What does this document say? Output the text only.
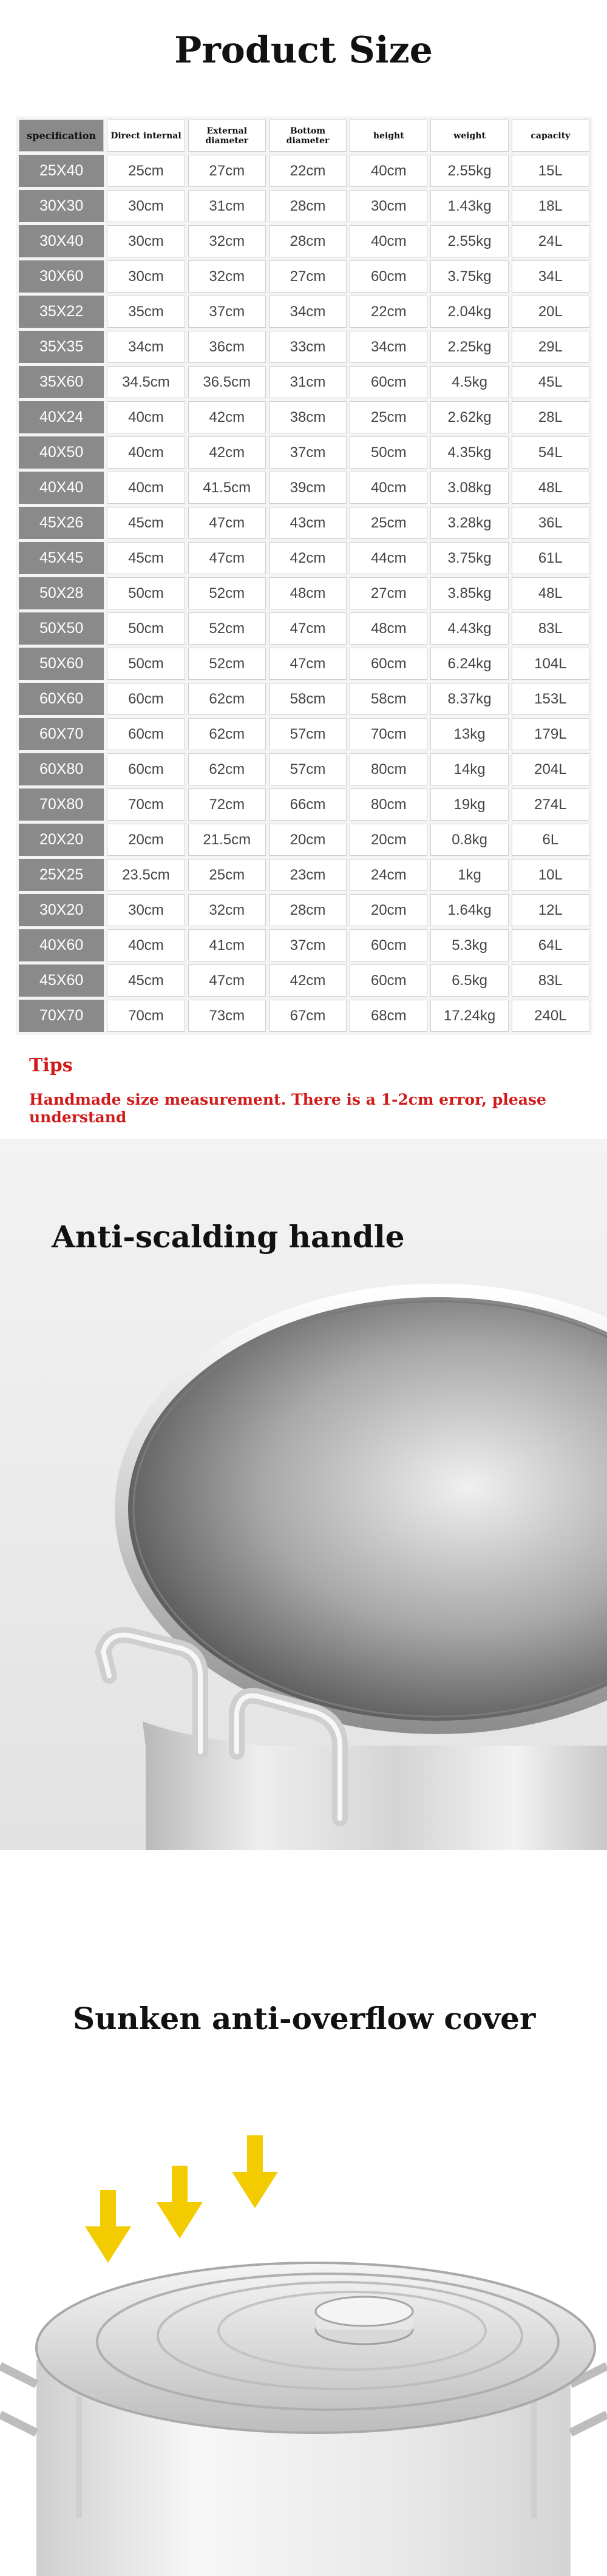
Product Size
specification	Direct internal	External diameter	Bottom diameter	height	weight	capacity
25X40	25cm	27cm	22cm	40cm	2.55kg	15L
30X30	30cm	31cm	28cm	30cm	1.43kg	18L
30X40	30cm	32cm	28cm	40cm	2.55kg	24L
30X60	30cm	32cm	27cm	60cm	3.75kg	34L
35X22	35cm	37cm	34cm	22cm	2.04kg	20L
35X35	34cm	36cm	33cm	34cm	2.25kg	29L
35X60	34.5cm	36.5cm	31cm	60cm	4.5kg	45L
40X24	40cm	42cm	38cm	25cm	2.62kg	28L
40X50	40cm	42cm	37cm	50cm	4.35kg	54L
40X40	40cm	41.5cm	39cm	40cm	3.08kg	48L
45X26	45cm	47cm	43cm	25cm	3.28kg	36L
45X45	45cm	47cm	42cm	44cm	3.75kg	61L
50X28	50cm	52cm	48cm	27cm	3.85kg	48L
50X50	50cm	52cm	47cm	48cm	4.43kg	83L
50X60	50cm	52cm	47cm	60cm	6.24kg	104L
60X60	60cm	62cm	58cm	58cm	8.37kg	153L
60X70	60cm	62cm	57cm	70cm	13kg	179L
60X80	60cm	62cm	57cm	80cm	14kg	204L
70X80	70cm	72cm	66cm	80cm	19kg	274L
20X20	20cm	21.5cm	20cm	20cm	0.8kg	6L
25X25	23.5cm	25cm	23cm	24cm	1kg	10L
30X20	30cm	32cm	28cm	20cm	1.64kg	12L
40X60	40cm	41cm	37cm	60cm	5.3kg	64L
45X60	45cm	47cm	42cm	60cm	6.5kg	83L
70X70	70cm	73cm	67cm	68cm	17.24kg	240L
Tips
Handmade size measurement. There is a 1-2cm error, please understand
Anti-scalding handle
Sunken anti-overflow cover
